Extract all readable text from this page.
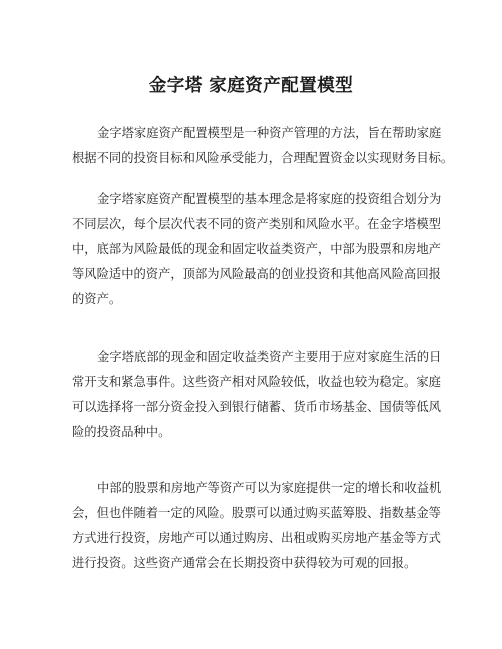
金字塔 家庭资产配置模型
金字塔家庭资产配置模型是一种资产管理的方法，旨在帮助家庭
根据不同的投资目标和风险承受能力，合理配置资金以实现财务目标。
金字塔家庭资产配置模型的基本理念是将家庭的投资组合划分为
不同层次，每个层次代表不同的资产类别和风险水平。在金字塔模型
中，底部为风险最低的现金和固定收益类资产，中部为股票和房地产
等风险适中的资产，顶部为风险最高的创业投资和其他高风险高回报
的资产。
金字塔底部的现金和固定收益类资产主要用于应对家庭生活的日
常开支和紧急事件。这些资产相对风险较低，收益也较为稳定。家庭
可以选择将一部分资金投入到银行储蓄、货币市场基金、国债等低风
险的投资品种中。
中部的股票和房地产等资产可以为家庭提供一定的增长和收益机
会，但也伴随着一定的风险。股票可以通过购买蓝筹股、指数基金等
方式进行投资，房地产可以通过购房、出租或购买房地产基金等方式
进行投资。这些资产通常会在长期投资中获得较为可观的回报。
